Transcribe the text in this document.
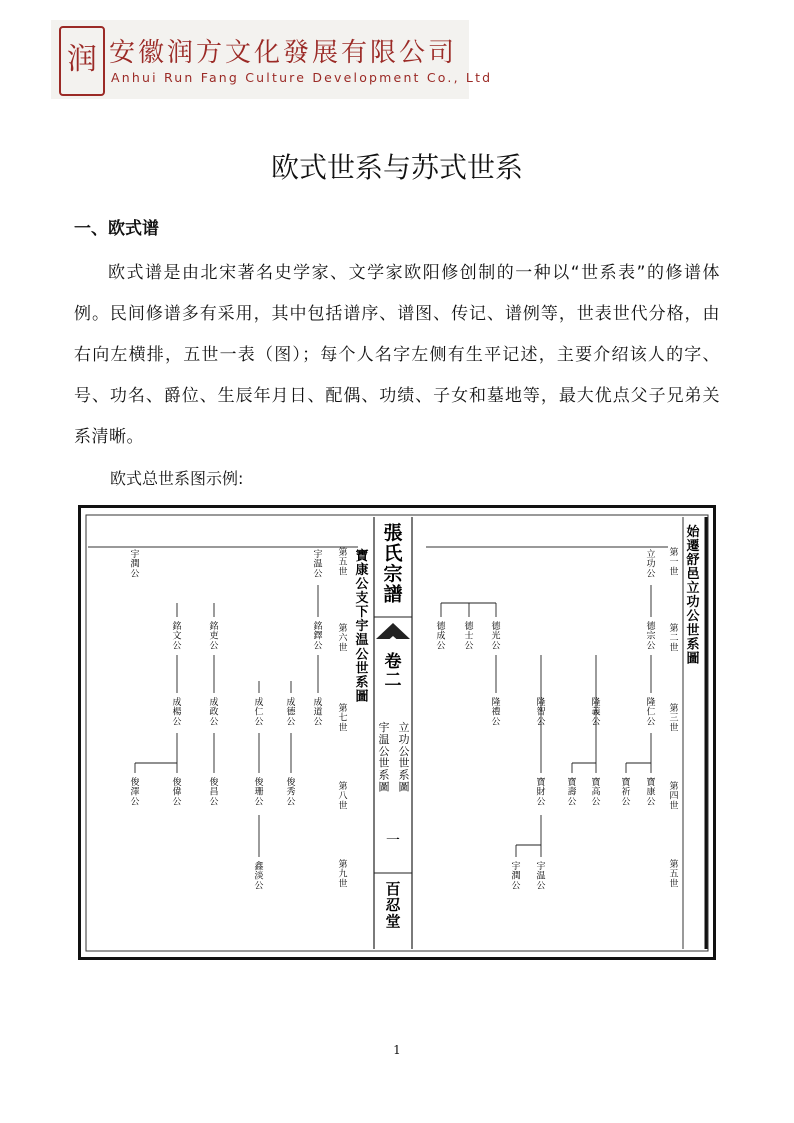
润 安徽润方文化發展有限公司
Anhui Run Fang Culture Development Co., Ltd
欧式世系与苏式世系
一、欧式谱

欧式谱是由北宋著名史学家、文学家欧阳修创制的一种以“世系表”的修谱体例。民间修谱多有采用，其中包括谱序、谱图、传记、谱例等，世表世代分格，由右向左横排，五世一表（图）；每个人名字左侧有生平记述，主要介绍该人的字、号、功名、爵位、生辰年月日、配偶、功绩、子女和墓地等，最大优点父子兄弟关系清晰。

欧式总世系图示例:

張氏宗譜
卷二
立功公世系圖
宇温公世系圖
一
百忍堂
始遷舒邑立功公世系圖
寶康公支下宇温公世系圖
第一世
第二世
第三世
第四世
第五世
第五世
第六世
第七世
第八世
第九世
立功公
德宗公
德光公
德士公
德成公
隆仁公
隆義公
隆禮公
隆智公
寶康公
寶祈公
寶高公
寶壽公
寶財公
宇温公
宇潤公
宇温公
宇潤公
銘鐸公
銘吏公
銘文公
成道公
成德公
成仁公
成政公
成楊公
俊秀公
俊珊公
俊昌公
俊偉公
俊澤公
鑫淡公
1
